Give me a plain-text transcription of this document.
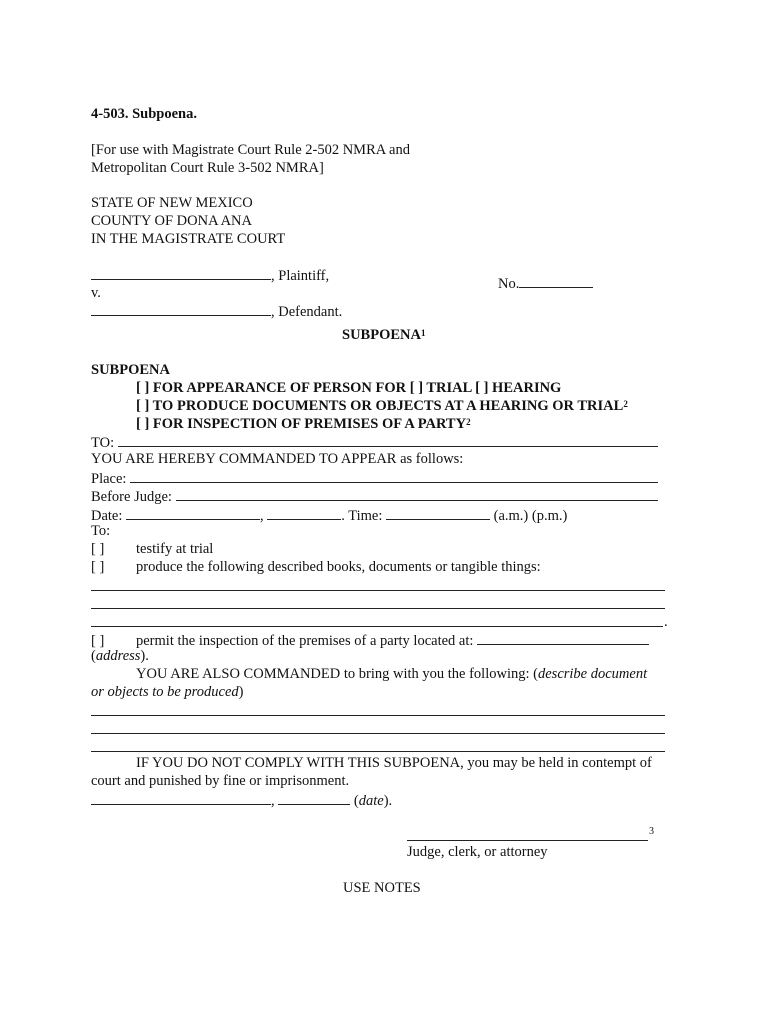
4-503. Subpoena.
[For use with Magistrate Court Rule 2-502 NMRA and
Metropolitan Court Rule 3-502 NMRA]
STATE OF NEW MEXICO
COUNTY OF DONA ANA
IN THE MAGISTRATE COURT
, Plaintiff,	No.
v.
, Defendant.
SUBPOENA$^1$
SUBPOENA
[ ] FOR APPEARANCE OF PERSON FOR [ ] TRIAL [ ] HEARING
[ ] TO PRODUCE DOCUMENTS OR OBJECTS AT A HEARING OR TRIAL$^2$
[ ] FOR INSPECTION OF PREMISES OF A PARTY$^2$
TO:
YOU ARE HEREBY COMMANDED TO APPEAR as follows:
Place:
Before Judge:
Date:	,	. Time:	(a.m.) (p.m.)
To:
[ ] testify at trial
[ ] produce the following described books, documents or tangible things:
.
[ ] permit the inspection of the premises of a party located at:
(address).
YOU ARE ALSO COMMANDED to bring with you the following: (describe document
or objects to be produced)
IF YOU DO NOT COMPLY WITH THIS SUBPOENA, you may be held in contempt of
court and punished by fine or imprisonment.
,	(date).
3
Judge, clerk, or attorney
USE NOTES
